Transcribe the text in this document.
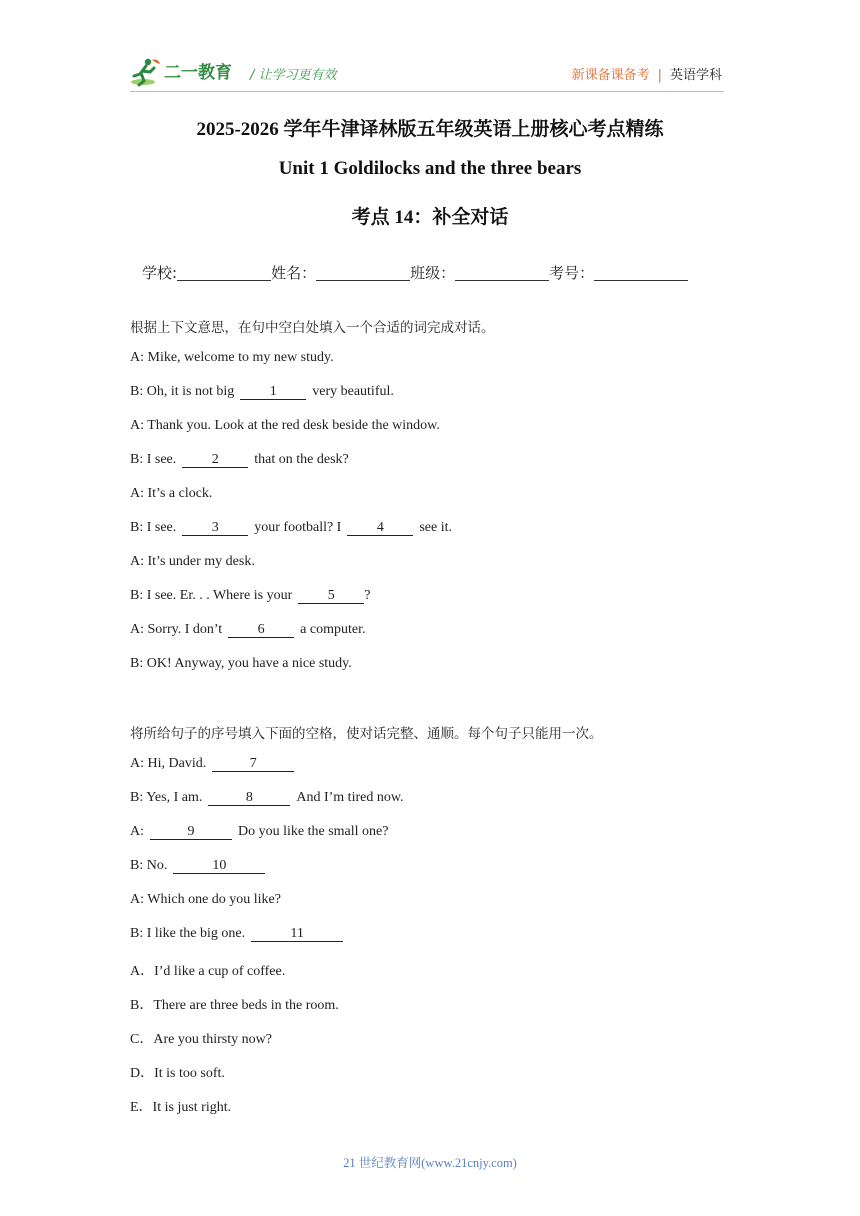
二一教育 / 让学习更有效	新课备课备考 | 英语学科
2025-2026 学年牛津译林版五年级英语上册核心考点精练
Unit 1 Goldilocks and the three bears
考点 14：补全对话
学校:	姓名：	班级：	考号：
根据上下文意思，在句中空白处填入一个合适的词完成对话。
A: Mike, welcome to my new study.
B: Oh, it is not big	1	very beautiful.
A: Thank you. Look at the red desk beside the window.
B: I see.	2	that on the desk?
A: It’s a clock.
B: I see.	3	your football? I	4	see it.
A: It’s under my desk.
B: I see. Er. . . Where is your	5 ?
A: Sorry. I don’t	6	a computer.
B: OK! Anyway, you have a nice study.
将所给句子的序号填入下面的空格，使对话完整、通顺。每个句子只能用一次。
A: Hi, David.	7
B: Yes, I am.	8	And I’m tired now.
A:	9	Do you like the small one?
B: No.	10
A: Which one do you like?
B: I like the big one.	11
A．I’d like a cup of coffee.
B．There are three beds in the room.
C．Are you thirsty now?
D．It is too soft.
E．It is just right.
21 世纪教育网(www.21cnjy.com)
